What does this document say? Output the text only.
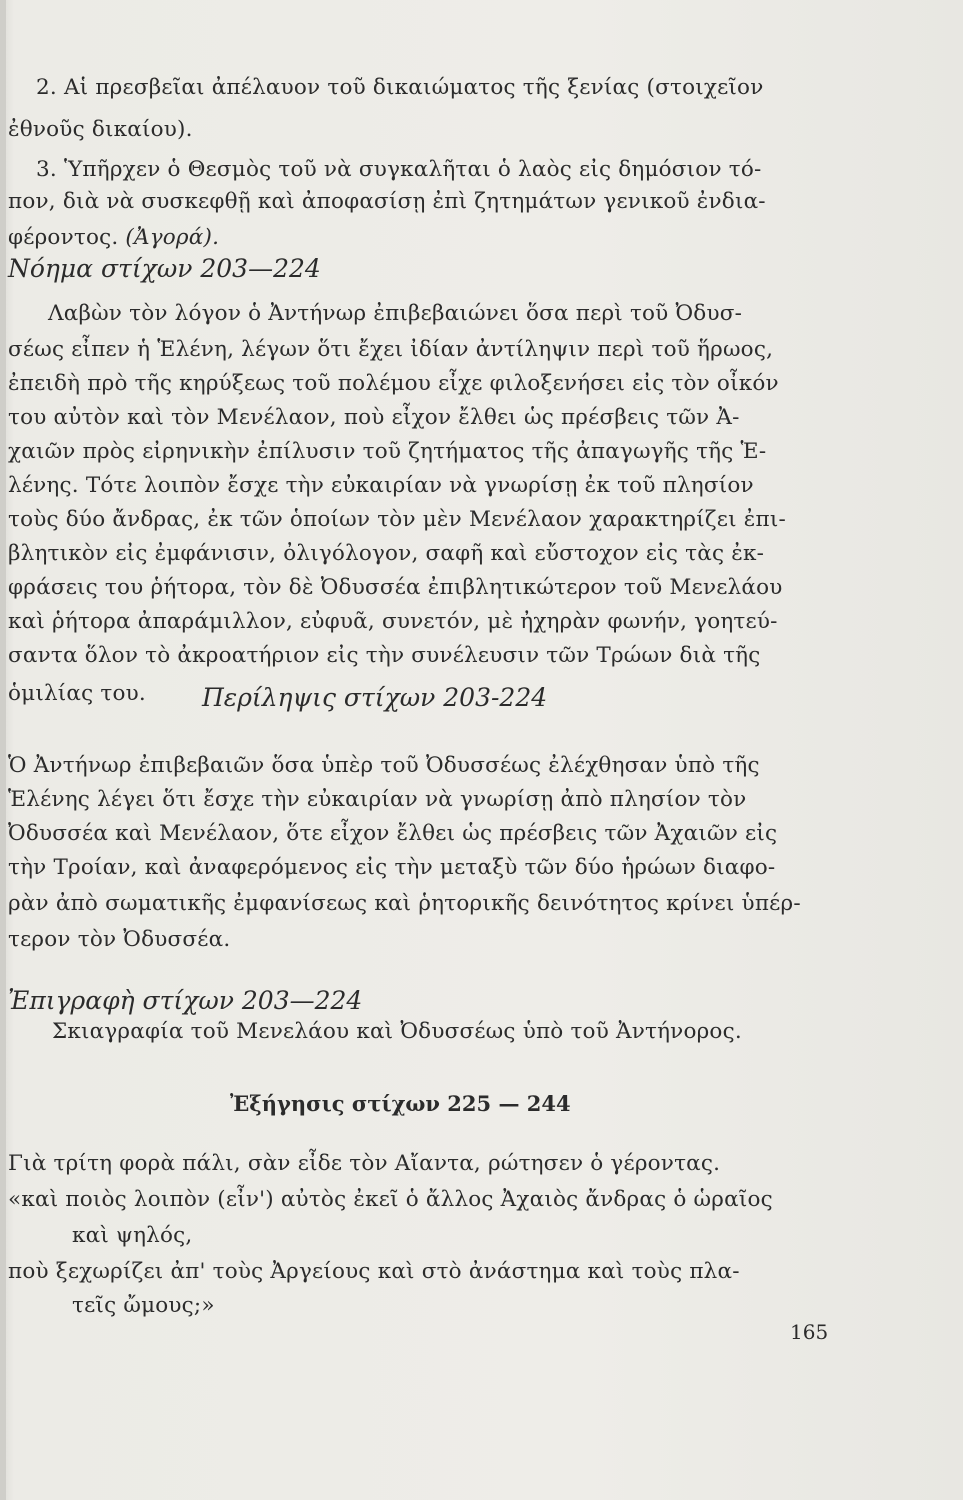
2. Αἱ πρεσβεῖαι ἀπέλαυον τοῦ δικαιώματος τῆς ξενίας (στοιχεῖον
ἐθνοῦς δικαίου).
3. Ὑπῆρχεν ὁ Θεσμὸς τοῦ νὰ συγκαλῆται ὁ λαὸς εἰς δημόσιον τό-
πον, διὰ νὰ συσκεφθῇ καὶ ἀποφασίσῃ ἐπὶ ζητημάτων γενικοῦ ἐνδια-
φέροντος. (Ἀγορά).
Νόημα στίχων 203—224
Λαβὼν τὸν λόγον ὁ Ἀντήνωρ ἐπιβεβαιώνει ὅσα περὶ τοῦ Ὀδυσ-
σέως εἶπεν ἡ Ἑλένη, λέγων ὅτι ἔχει ἰδίαν ἀντίληψιν περὶ τοῦ ἥρωος,
ἐπειδὴ πρὸ τῆς κηρύξεως τοῦ πολέμου εἶχε φιλοξενήσει εἰς τὸν οἶκόν
του αὐτὸν καὶ τὸν Μενέλαον, ποὺ εἶχον ἔλθει ὡς πρέσβεις τῶν Ἀ-
χαιῶν πρὸς εἰρηνικὴν ἐπίλυσιν τοῦ ζητήματος τῆς ἀπαγωγῆς τῆς Ἑ-
λένης. Τότε λοιπὸν ἔσχε τὴν εὐκαιρίαν νὰ γνωρίσῃ ἐκ τοῦ πλησίον
τοὺς δύο ἄνδρας, ἐκ τῶν ὁποίων τὸν μὲν Μενέλαον χαρακτηρίζει ἐπι-
βλητικὸν εἰς ἐμφάνισιν, ὀλιγόλογον, σαφῆ καὶ εὔστοχον εἰς τὰς ἐκ-
φράσεις του ῥήτορα, τὸν δὲ Ὀδυσσέα ἐπιβλητικώτερον τοῦ Μενελάου
καὶ ῥήτορα ἀπαράμιλλον, εὐφυᾶ, συνετόν, μὲ ἠχηρὰν φωνήν, γοητεύ-
σαντα ὅλον τὸ ἀκροατήριον εἰς τὴν συνέλευσιν τῶν Τρώων διὰ τῆς
ὁμιλίας του. Περίληψις στίχων 203-224
Ὁ Ἀντήνωρ ἐπιβεβαιῶν ὅσα ὑπὲρ τοῦ Ὀδυσσέως ἐλέχθησαν ὑπὸ τῆς
Ἑλένης λέγει ὅτι ἔσχε τὴν εὐκαιρίαν νὰ γνωρίσῃ ἀπὸ πλησίον τὸν
Ὀδυσσέα καὶ Μενέλαον, ὅτε εἶχον ἔλθει ὡς πρέσβεις τῶν Ἀχαιῶν εἰς
τὴν Τροίαν, καὶ ἀναφερόμενος εἰς τὴν μεταξὺ τῶν δύο ἡρώων διαφο-
ρὰν ἀπὸ σωματικῆς ἐμφανίσεως καὶ ῥητορικῆς δεινότητος κρίνει ὑπέρ-
τερον τὸν Ὀδυσσέα.
Ἐπιγραφὴ στίχων 203—224
Σκιαγραφία τοῦ Μενελάου καὶ Ὀδυσσέως ὑπὸ τοῦ Ἀντήνορος.
Ἐξήγησις στίχων 225 — 244
Γιὰ τρίτη φορὰ πάλι, σὰν εἶδε τὸν Αἴαντα, ρώτησεν ὁ γέροντας.
«καὶ ποιὸς λοιπὸν (εἶν') αὐτὸς ἐκεῖ ὁ ἄλλος Ἀχαιὸς ἄνδρας ὁ ὡραῖος
καὶ ψηλός,
ποὺ ξεχωρίζει ἀπ' τοὺς Ἀργείους καὶ στὸ ἀνάστημα καὶ τοὺς πλα-
τεῖς ὤμους;»
165
